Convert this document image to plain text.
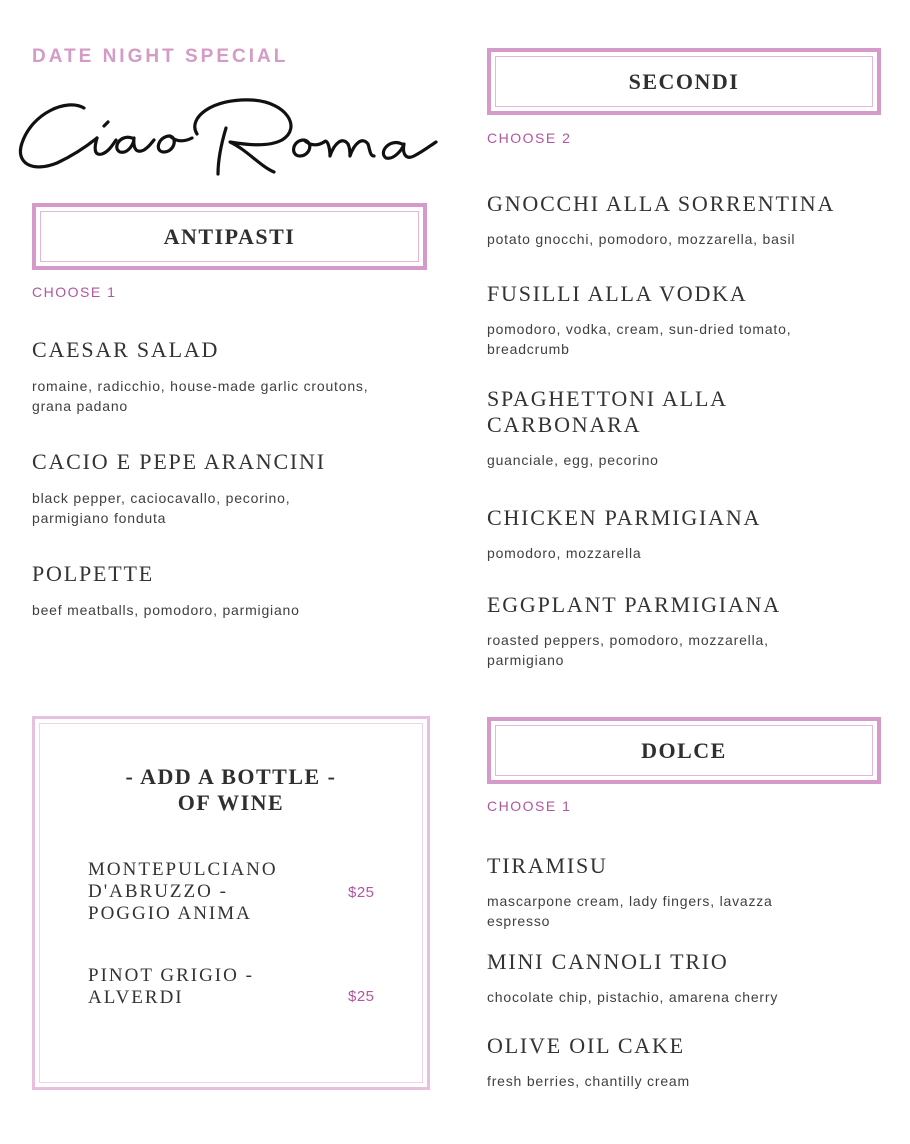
DATE NIGHT SPECIAL
ANTIPASTI
CHOOSE 1
CAESAR SALAD
romaine, radicchio, house-made garlic croutons,
grana padano
CACIO E PEPE ARANCINI
black pepper, caciocavallo, pecorino,
parmigiano fonduta
POLPETTE
beef meatballs, pomodoro, parmigiano
SECONDI
CHOOSE 2
GNOCCHI ALLA SORRENTINA
potato gnocchi, pomodoro, mozzarella, basil
FUSILLI ALLA VODKA
pomodoro, vodka, cream, sun-dried tomato,
breadcrumb
SPAGHETTONI ALLA
CARBONARA
guanciale, egg, pecorino
CHICKEN PARMIGIANA
pomodoro, mozzarella
EGGPLANT PARMIGIANA
roasted peppers, pomodoro, mozzarella,
parmigiano
- ADD A BOTTLE -
OF WINE
MONTEPULCIANO
D'ABRUZZO -
POGGIO ANIMA
$25
PINOT GRIGIO -
ALVERDI	$25
DOLCE
CHOOSE 1
TIRAMISU
mascarpone cream, lady fingers, lavazza
espresso
MINI CANNOLI TRIO
chocolate chip, pistachio, amarena cherry
OLIVE OIL CAKE
fresh berries, chantilly cream
